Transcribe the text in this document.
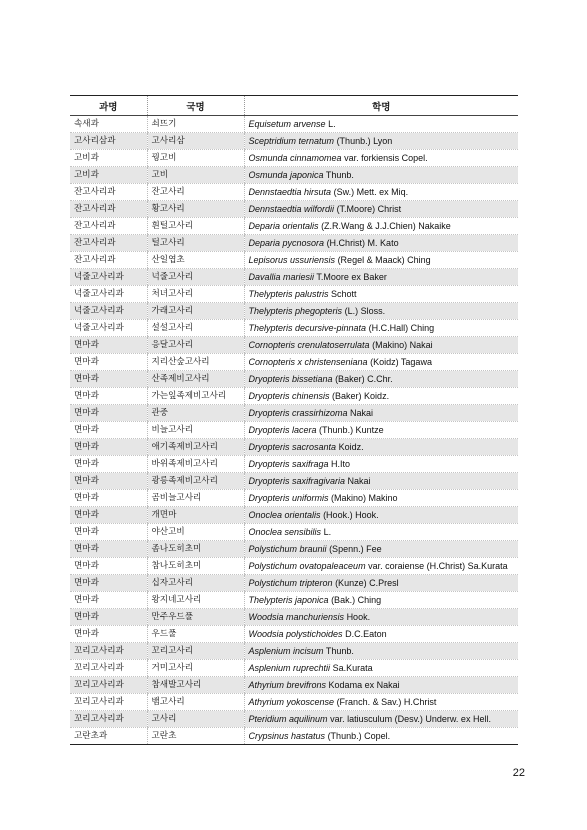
과명	국명	학명
속새과	쇠뜨기	Equisetum arvense L.
고사리삼과	고사리삼	Sceptridium ternatum (Thunb.) Lyon
고비과	꿩고비	Osmunda cinnamomea var. forkiensis Copel.
고비과	고비	Osmunda japonica Thunb.
잔고사리과	잔고사리	Dennstaedtia hirsuta (Sw.) Mett. ex Miq.
잔고사리과	황고사리	Dennstaedtia wilfordii (T.Moore) Christ
잔고사리과	흰털고사리	Deparia orientalis (Z.R.Wang & J.J.Chien) Nakaike
잔고사리과	털고사리	Deparia pycnosora (H.Christ) M. Kato
잔고사리과	산일엽초	Lepisorus ussuriensis (Regel & Maack) Ching
넉줄고사리과	넉줄고사리	Davallia mariesii T.Moore ex Baker
넉줄고사리과	처녀고사리	Thelypteris palustris Schott
넉줄고사리과	가래고사리	Thelypteris phegopteris (L.) Sloss.
넉줄고사리과	설설고사리	Thelypteris decursive-pinnata (H.C.Hall) Ching
면마과	응달고사리	Cornopteris crenulatoserrulata (Makino) Nakai
면마과	지리산숲고사리	Cornopteris x christenseniana (Koidz) Tagawa
면마과	산족제비고사리	Dryopteris bissetiana (Baker) C.Chr.
면마과	가는잎족제비고사리	Dryopteris chinensis (Baker) Koidz.
면마과	관중	Dryopteris crassirhizoma Nakai
면마과	비늘고사리	Dryopteris lacera (Thunb.) Kuntze
면마과	애기족제비고사리	Dryopteris sacrosanta Koidz.
면마과	바위족제비고사리	Dryopteris saxifraga H.Ito
면마과	광릉족제비고사리	Dryopteris saxifragivaria Nakai
면마과	곰비늘고사리	Dryopteris uniformis (Makino) Makino
면마과	개면마	Onoclea orientalis (Hook.) Hook.
면마과	야산고비	Onoclea sensibilis L.
면마과	좀나도히초미	Polystichum braunii (Spenn.) Fee
면마과	참나도히초미	Polystichum ovatopaleaceum var. coraiense (H.Christ) Sa.Kurata
면마과	십자고사리	Polystichum tripteron (Kunze) C.Presl
면마과	왕지네고사리	Thelypteris japonica (Bak.) Ching
면마과	만주우드풀	Woodsia manchuriensis Hook.
면마과	우드풀	Woodsia polystichoides D.C.Eaton
꼬리고사리과	꼬리고사리	Asplenium incisum Thunb.
꼬리고사리과	거미고사리	Asplenium ruprechtii Sa.Kurata
꼬리고사리과	참새발고사리	Athyrium brevifrons Kodama ex Nakai
꼬리고사리과	뱀고사리	Athyrium yokoscense (Franch. & Sav.) H.Christ
꼬리고사리과	고사리	Pteridium aquilinum var. latiusculum (Desv.) Underw. ex Hell.
고란초과	고란초	Crypsinus hastatus (Thunb.) Copel.
22
